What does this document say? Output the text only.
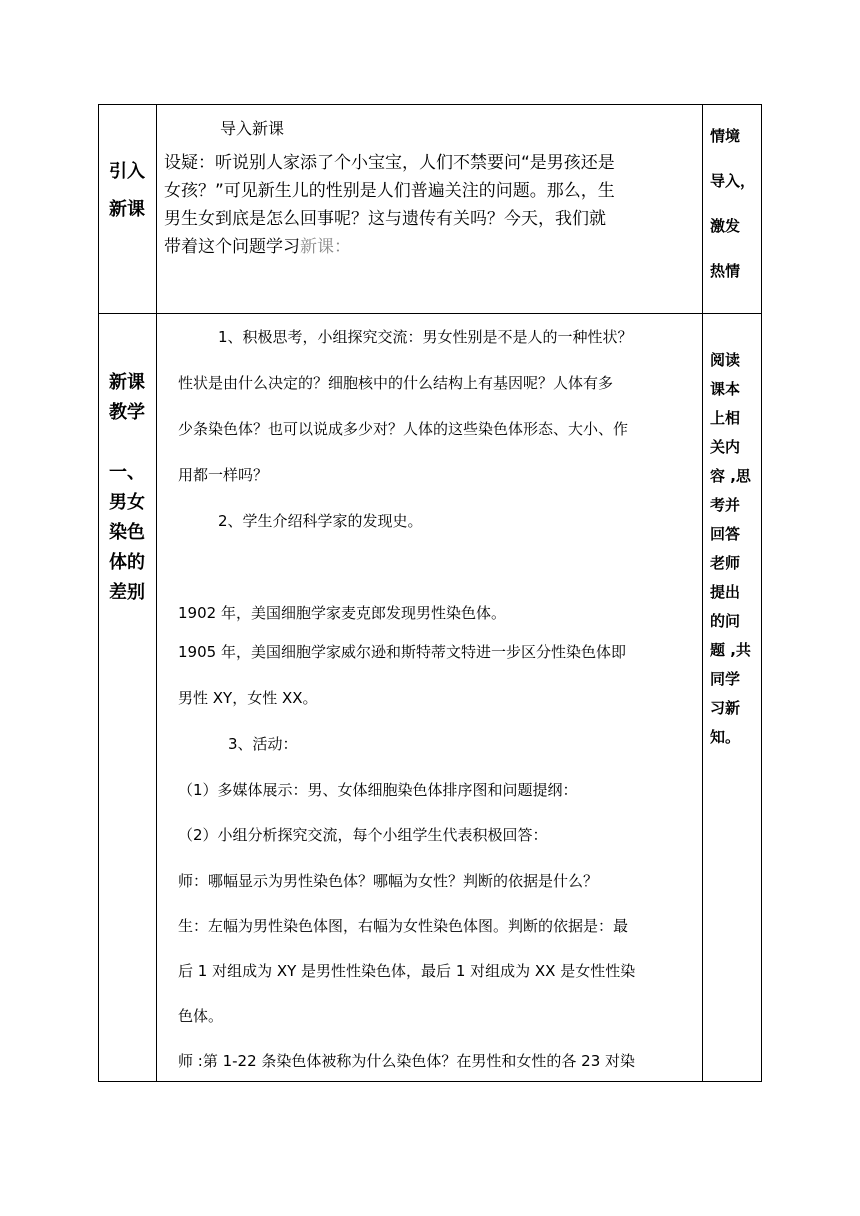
引入
新课
导入新课
设疑：听说别人家添了个小宝宝，人们不禁要问“是男孩还是
女孩？”可见新生儿的性别是人们普遍关注的问题。那么，生
男生女到底是怎么回事呢？这与遗传有关吗？今天，我们就
带着这个问题学习新课：
情境
导入，
激发
热情
新课
教学
一、
男女
染色
体的
差别
1、积极思考，小组探究交流：男女性别是不是人的一种性状？
性状是由什么决定的？细胞核中的什么结构上有基因呢？人体有多
少条染色体？也可以说成多少对？人体的这些染色体形态、大小、作
用都一样吗？
2、学生介绍科学家的发现史。
1902 年，美国细胞学家麦克郎发现男性染色体。
1905 年，美国细胞学家威尔逊和斯特蒂文特进一步区分性染色体即
男性 XY，女性 XX。
3、活动：
（1）多媒体展示：男、女体细胞染色体排序图和问题提纲：
（2）小组分析探究交流，每个小组学生代表积极回答：
师：哪幅显示为男性染色体？哪幅为女性？判断的依据是什么？
生：左幅为男性染色体图，右幅为女性染色体图。判断的依据是：最
后 1 对组成为 XY 是男性性染色体，最后 1 对组成为 XX 是女性性染
色体。
师 :第 1-22 条染色体被称为什么染色体？在男性和女性的各 23 对染
阅读
课本
上相
关内
容 ,思
考并
回答
老师
提出
的问
题 ,共
同学
习新
知。
